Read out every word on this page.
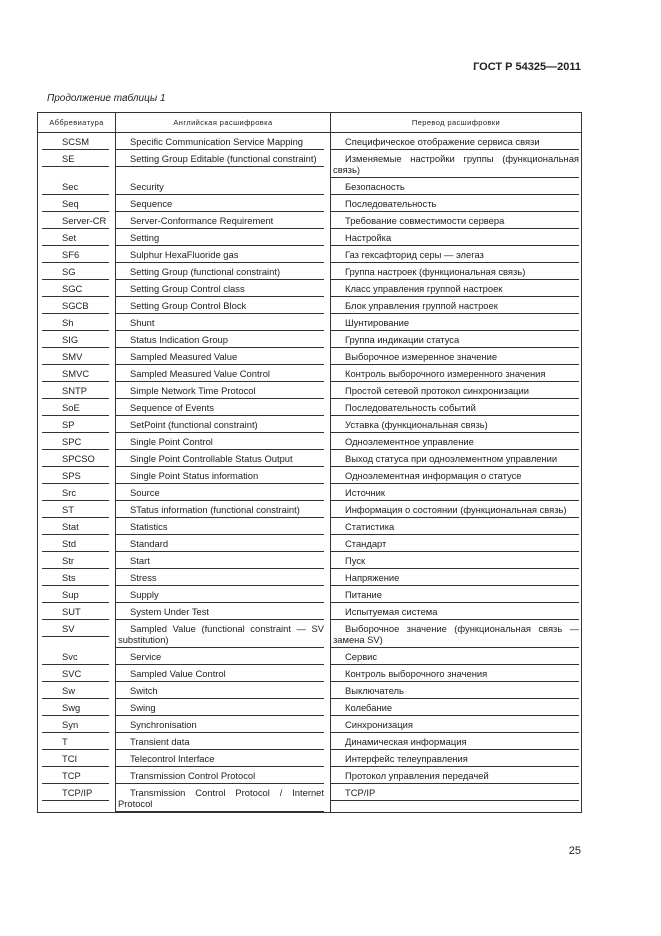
ГОСТ Р 54325—2011
Продолжение таблицы 1
Аббревиатура	Английская расшифровка	Перевод расшифровки

SCSM	Specific Communication Service Mapping	Специфическое отображение сервиса связи

SE	Setting Group Editable (functional constraint)	Изменяемые настройки группы (функциональная связь)

Sec	Security	Безопасность

Seq	Sequence	Последовательность

Server-CR	Server-Conformance Requirement	Требование совместимости сервера

Set	Setting	Настройка

SF6	Sulphur HexaFluoride gas	Газ гексафторид серы — элегаз

SG	Setting Group (functional constraint)	Группа настроек (функциональная связь)

SGC	Setting Group Control class	Класс управления группой настроек

SGCB	Setting Group Control Block	Блок управления группой настроек

Sh	Shunt	Шунтирование

SIG	Status Indication Group	Группа индикации статуса

SMV	Sampled Measured Value	Выборочное измеренное значение

SMVC	Sampled Measured Value Control	Контроль выборочного измеренного значения

SNTP	Simple Network Time Protocol	Простой сетевой протокол синхронизации

SoE	Sequence of Events	Последовательность событий

SP	SetPoint (functional constraint)	Уставка (функциональная связь)

SPC	Single Point Control	Одноэлементное управление

SPCSO	Single Point Controllable Status Output	Выход статуса при одноэлементном управлении

SPS	Single Point Status information	Одноэлементная информация о статусе

Src	Source	Источник

ST	STatus information (functional constraint)	Информация о состоянии (функциональная связь)

Stat	Statistics	Статистика

Std	Standard	Стандарт

Str	Start	Пуск

Sts	Stress	Напряжение

Sup	Supply	Питание

SUT	System Under Test	Испытуемая система

SV	Sampled Value (functional constraint — SV substitution)	Выборочное значение (функциональная связь — замена SV)

Svc	Service	Сервис

SVC	Sampled Value Control	Контроль выборочного значения

Sw	Switch	Выключатель

Swg	Swing	Колебание

Syn	Synchronisation	Синхронизация

T	Transient data	Динамическая информация

TCI	Telecontrol Interface	Интерфейс телеуправления

TCP	Transmission Control Protocol	Протокол управления передачей

TCP/IP	Transmission Control Protocol / Internet Protocol	TCP/IP
25
